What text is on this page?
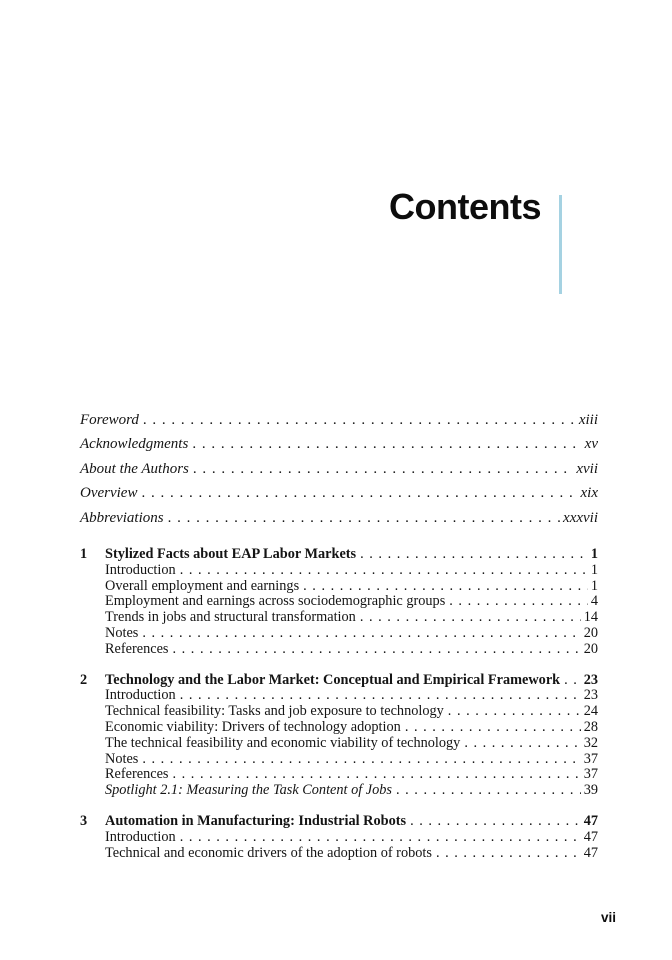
Contents
Foreword . . .	xiii
Acknowledgments . . .	xv
About the Authors . . .	xvii
Overview . . .	xix
Abbreviations . . .	xxxvii
1	Stylized Facts about EAP Labor Markets . . .	1
Introduction . . .	1
Overall employment and earnings . . .	1
Employment and earnings across sociodemographic groups . . .	4
Trends in jobs and structural transformation . . .	14
Notes . . .	20
References . . .	20
2	Technology and the Labor Market: Conceptual and Empirical Framework . . . 23
Introduction . . .	23
Technical feasibility: Tasks and job exposure to technology . . .	24
Economic viability: Drivers of technology adoption . . .	28
The technical feasibility and economic viability of technology . . .	32
Notes . . .	37
References . . .	37
Spotlight 2.1: Measuring the Task Content of Jobs . . .	39
3	Automation in Manufacturing: Industrial Robots . . .	47
Introduction . . .	47
Technical and economic drivers of the adoption of robots . . .	47
vii
